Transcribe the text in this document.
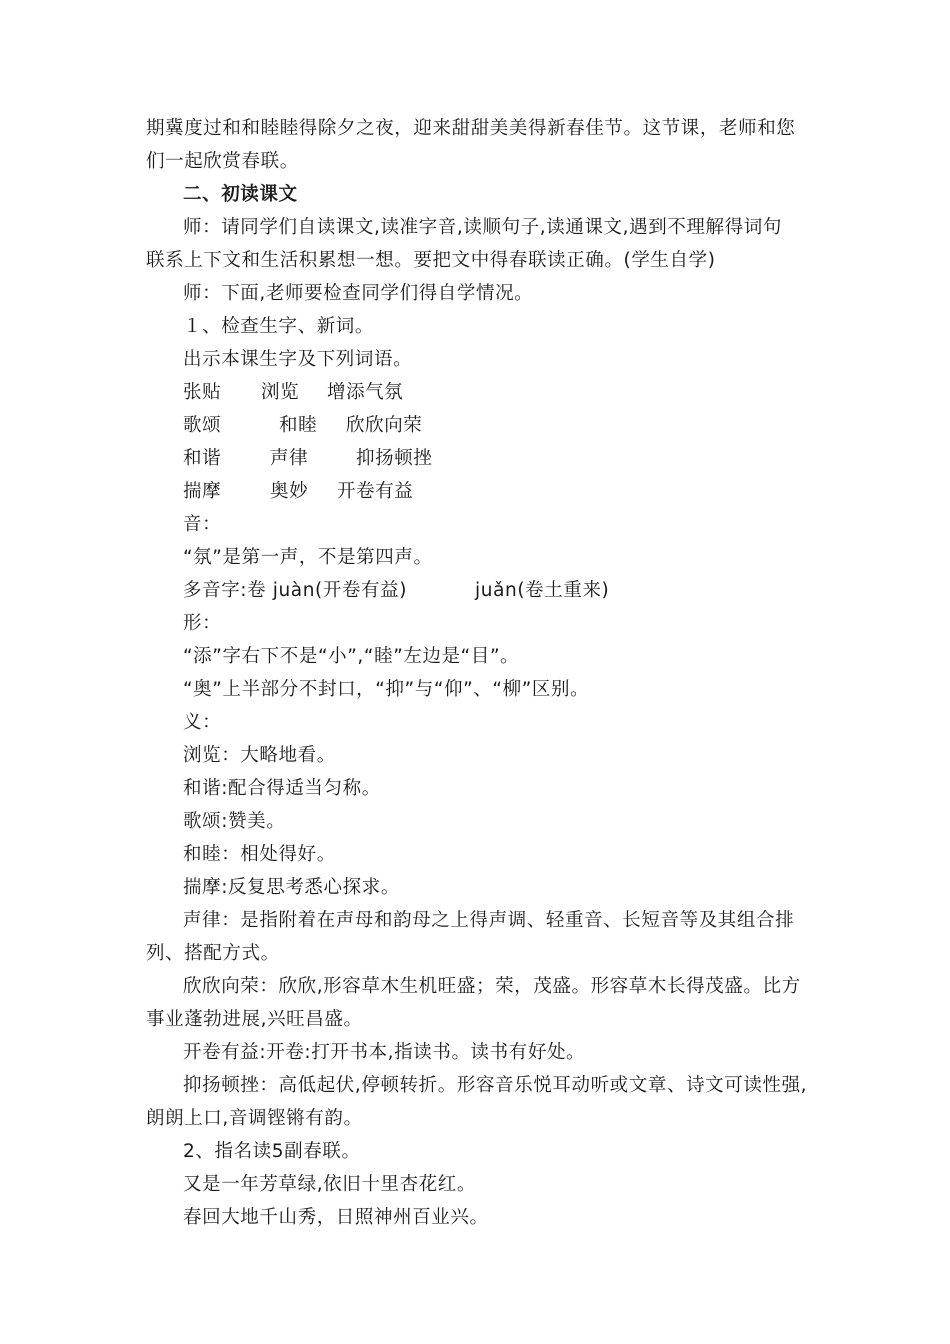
期冀度过和和睦睦得除夕之夜，迎来甜甜美美得新春佳节。这节课，老师和您
们一起欣赏春联。
二、初读课文
师：请同学们自读课文,读准字音,读顺句子,读通课文,遇到不理解得词句
联系上下文和生活积累想一想。要把文中得春联读正确。(学生自学)
师：下面,老师要检查同学们得自学情况。
１、检查生字、新词。
出示本课生字及下列词语。
张贴 浏览 增添气氛
歌颂	和睦 欣欣向荣
和谐	声律	抑扬顿挫
揣摩	奥妙 开卷有益
音：
“氛”是第一声，不是第四声。
多音字:卷 juàn(开卷有益)	juǎn(卷土重来)
形：
“添”字右下不是“小”,“睦”左边是“目”。
“奥”上半部分不封口，“抑”与“仰”、“柳”区别。
义：
浏览：大略地看。
和谐:配合得适当匀称。
歌颂:赞美。
和睦：相处得好。
揣摩:反复思考悉心探求。
声律：是指附着在声母和韵母之上得声调、轻重音、长短音等及其组合排
列、搭配方式。
欣欣向荣：欣欣,形容草木生机旺盛；荣，茂盛。形容草木长得茂盛。比方
事业蓬勃进展,兴旺昌盛。
开卷有益:开卷:打开书本,指读书。读书有好处。
抑扬顿挫：高低起伏,停顿转折。形容音乐悦耳动听或文章、诗文可读性强,
朗朗上口,音调铿锵有韵。
2、指名读5副春联。
又是一年芳草绿,依旧十里杏花红。
春回大地千山秀，日照神州百业兴。
